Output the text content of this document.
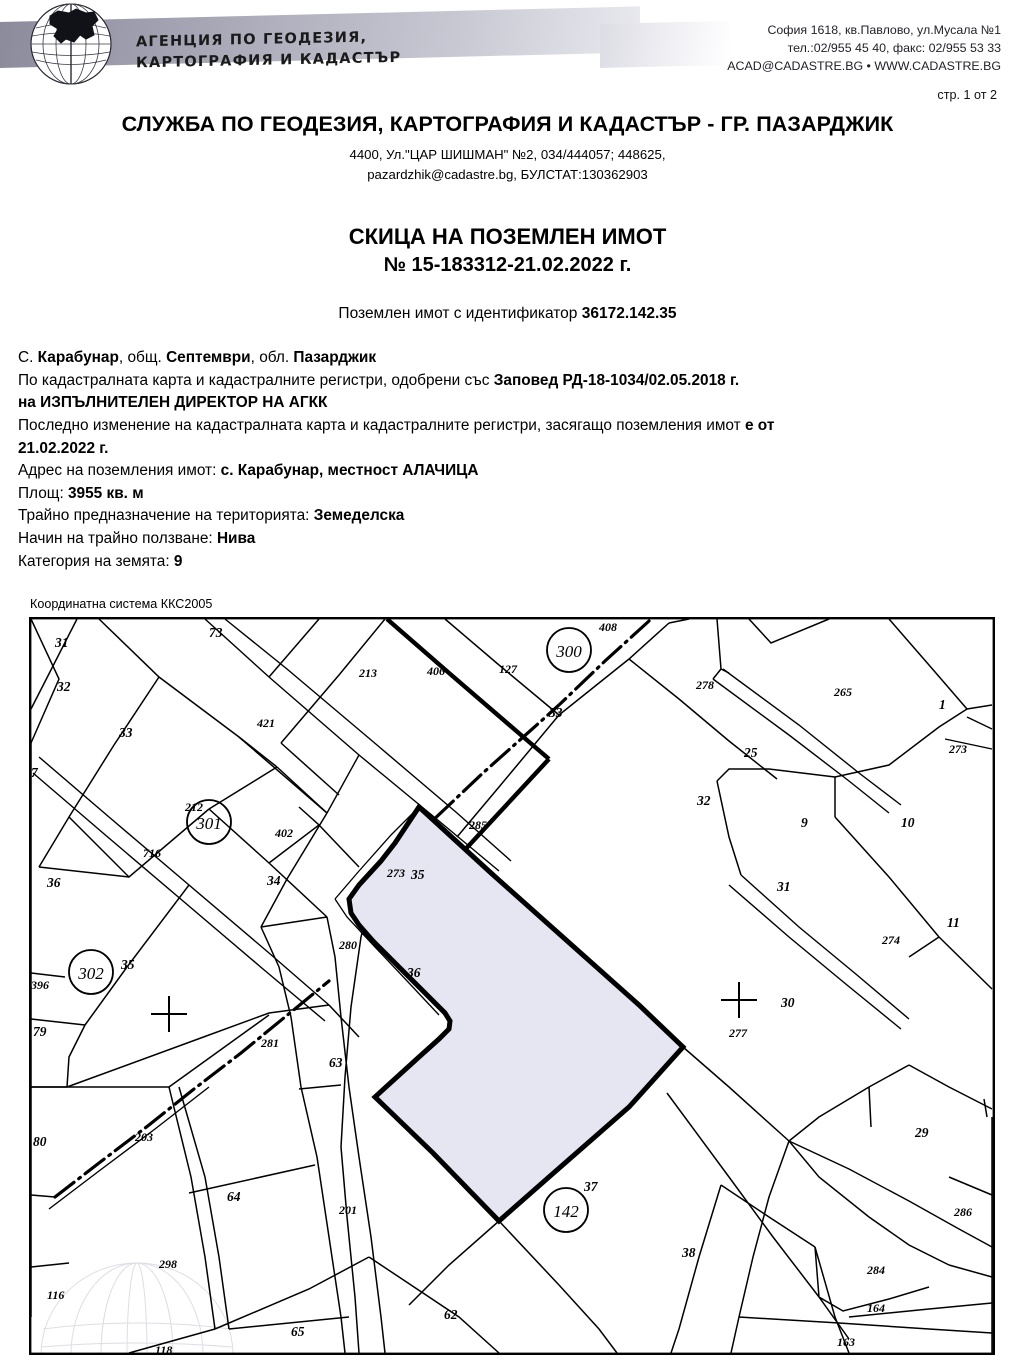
АГЕНЦИЯ ПО ГЕОДЕЗИЯ,
КАРТОГРАФИЯ И КАДАСТЪР
София 1618, кв.Павлово, ул.Мусала №1
тел.:02/955 45 40, факс: 02/955 53 33
ACAD@CADASTRE.BG • WWW.CADASTRE.BG
стр. 1 от 2
СЛУЖБА ПО ГЕОДЕЗИЯ, КАРТОГРАФИЯ И КАДАСТЪР - ГР. ПАЗАРДЖИК
4400, Ул."ЦАР ШИШМАН" №2, 034/444057; 448625,
pazardzhik@cadastre.bg, БУЛСТАТ:130362903
СКИЦА НА ПОЗЕМЛЕН ИМОТ
№ 15-183312-21.02.2022 г.
Поземлен имот с идентификатор 36172.142.35

С. Карабунар, общ. Септември, обл. Пазарджик

По кадастралната карта и кадастралните регистри, одобрени със Заповед РД-18-1034/02.05.2018 г.

на ИЗПЪЛНИТЕЛЕН ДИРЕКТОР НА АГКК

Последно изменение на кадастралната карта и кадастралните регистри, засягащо поземления имот е от

21.02.2022 г.

Адрес на поземления имот: с. Карабунар, местност АЛАЧИЦА

Площ: 3955 кв. м

Трайно предназначение на територията: Земеделска

Начин на трайно ползване: Нива

Категория на земята: 9

Координатна система ККС2005
300
301
302
142
31
73
32
213	406	127
408
278	265
1
33
421
33
25	273
7
212
402
285
32
9	10
716
34	273 35
36	31
11
280
35
36
274
396
30
79	277
281
63
80	203	29
37
286
64
201
298	284
38
116
164
62
65
163
118
